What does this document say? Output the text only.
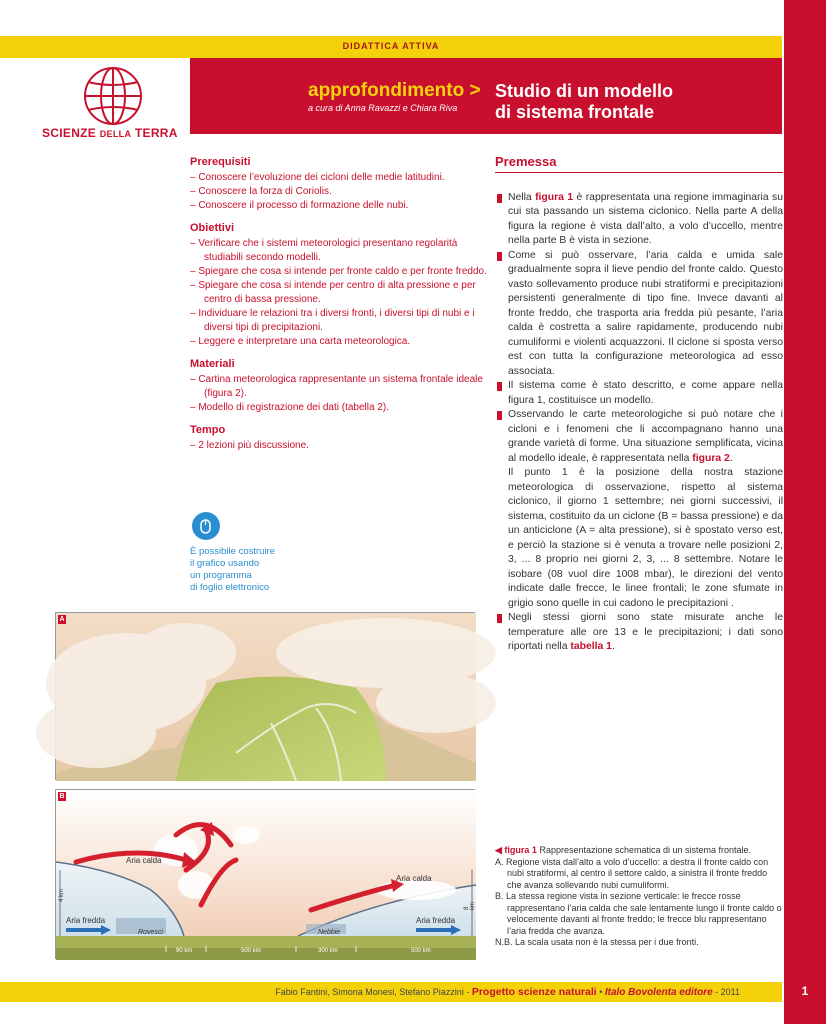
DIDATTICA ATTIVA
SCIENZE DELLA TERRA
approfondimento >
a cura di Anna Ravazzi e Chiara Riva
Studio di un modello
di sistema frontale
Prerequisiti
– Conoscere l’evoluzione dei cicloni delle medie latitudini.
– Conoscere la forza di Coriolis.
– Conoscere il processo di formazione delle nubi.
Obiettivi
– Verificare che i sistemi meteorologici presentano regolarità studiabili secondo modelli.
– Spiegare che cosa si intende per fronte caldo e per fronte freddo.
– Spiegare che cosa si intende per centro di alta pressione e per centro di bassa pressione.
– Individuare le relazioni tra i diversi fronti, i diversi tipi di nubi e i diversi tipi di precipitazioni.
– Leggere e interpretare una carta meteorologica.
Materiali
– Cartina meteorologica rappresentante un sistema frontale ideale (figura 2).
– Modello di registrazione dei dati (tabella 2).
Tempo
– 2 lezioni più discussione.
È possibile costruire
il grafico usando
un programma
di foglio elettronico
Premessa
Nella figura 1 è rappresentata una regione immaginaria su cui sta passando un sistema ciclonico. Nella parte A della figura la regione è vista dall’alto, a volo d’uccello, mentre nella parte B è vista in sezione.
Come si può osservare, l’aria calda e umida sale gradualmente sopra il lieve pendio del fronte caldo. Questo vasto sollevamento produce nubi stratiformi e precipitazioni persistenti generalmente di tipo fine. Invece davanti al fronte freddo, che trasporta aria fredda più pesante, l’aria calda è costretta a salire rapidamente, producendo nubi cumuliformi e violenti acquazzoni. Il ciclone si sposta verso est con tutta la configurazione meteorologica ad esso associata.
Il sistema come è stato descritto, e come appare nella figura 1, costituisce un modello.
Osservando le carte meteorologiche si può notare che i cicloni e i fenomeni che li accompagnano hanno una grande varietà di forme. Una situazione semplificata, vicina al modello ideale, è rappresentata nella figura 2.
Il punto 1 è la posizione della nostra stazione meteorologica di osservazione, rispetto al sistema ciclonico, il giorno 1 settembre; nei giorni successivi, il sistema, costituito da un ciclone (B = bassa pressione) e da un anticiclone (A = alta pressione), si è spostato verso est, e perciò la stazione si è venuta a trovare nelle posizioni 2, 3, ... 8 proprio nei giorni 2, 3, ... 8 settembre. Notare le isobare (08 vuol dire 1008 mbar), le direzioni del vento indicate dalle frecce, le linee frontali; le zone sfumate in grigio sono quelle in cui cadono le precipitazioni .
Negli stessi giorni sono state misurate anche le temperature alle ore 13 e le precipitazioni; i dati sono riportati nella tabella 1.
A
B
Aria calda
Aria calda
Aria fredda	Aria fredda
Rovesci	Nebbie
4 km
8 km
90 km	500 km	300 km	500 km
◀ figura 1 Rappresentazione schematica di un sistema frontale.
A. Regione vista dall’alto a volo d’uccello: a destra il fronte caldo con nubi stratiformi, al centro il settore caldo, a sinistra il fronte freddo che avanza sollevando nubi cumuliformi.
B. La stessa regione vista in sezione verticale: le frecce rosse rappresentano l’aria calda che sale lentamente lungo il fronte caldo o velocemente davanti al fronte freddo; le frecce blu rappresentano l’aria fredda che avanza.
N.B. La scala usata non è la stessa per i due fronti.
Fabio Fantini, Simona Monesi, Stefano Piazzini - Progetto scienze naturali • Italo Bovolenta editore - 2011	1
